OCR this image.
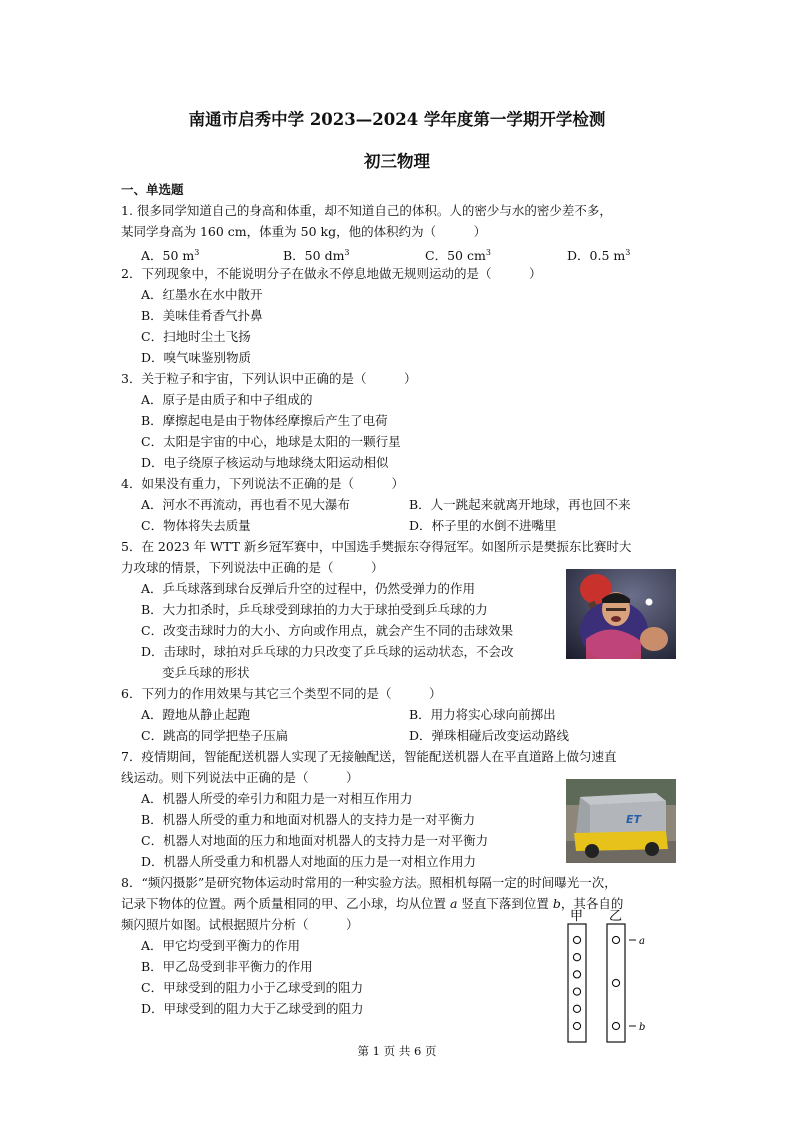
南通市启秀中学 2023—2024 学年度第一学期开学检测
初三物理
一、单选题
1. 很多同学知道自己的身高和体重，却不知道自己的体积。人的密少与水的密少差不多，
某同学身高为 160 cm，体重为 50 kg，他的体积约为（　　　）
A．50 $m^3$	B．50 $dm^3$	C．50 $cm^3$	D．0.5 $m^3$
2．下列现象中，不能说明分子在做永不停息地做无规则运动的是（　　　）
A．红墨水在水中散开
B．美味佳肴香气扑鼻
C．扫地时尘土飞扬
D．嗅气味鉴别物质
3．关于粒子和宇宙，下列认识中正确的是（　　　）
A．原子是由质子和中子组成的
B．摩擦起电是由于物体经摩擦后产生了电荷
C．太阳是宇宙的中心，地球是太阳的一颗行星
D．电子绕原子核运动与地球绕太阳运动相似
4．如果没有重力，下列说法不正确的是（　　　）
A．河水不再流动，再也看不见大瀑布	B．人一跳起来就离开地球，再也回不来
C．物体将失去质量	D．杯子里的水倒不进嘴里
5．在 2023 年 WTT 新乡冠军赛中，中国选手樊振东夺得冠军。如图所示是樊振东比赛时大
力攻球的情景，下列说法中正确的是（　　　）
A．乒乓球落到球台反弹后升空的过程中，仍然受弹力的作用
B．大力扣杀时，乒乓球受到球拍的力大于球拍受到乒乓球的力
C．改变击球时力的大小、方向或作用点，就会产生不同的击球效果
D．击球时，球拍对乒乓球的力只改变了乒乓球的运动状态，不会改
变乒乓球的形状
6．下列力的作用效果与其它三个类型不同的是（　　　）
A．蹬地从静止起跑	B．用力将实心球向前掷出
C．跳高的同学把垫子压扁	D．弹珠相碰后改变运动路线
7．疫情期间，智能配送机器人实现了无接触配送，智能配送机器人在平直道路上做匀速直
线运动。则下列说法中正确的是（　　　）
A．机器人所受的牵引力和阻力是一对相互作用力
B．机器人所受的重力和地面对机器人的支持力是一对平衡力
C．机器人对地面的压力和地面对机器人的支持力是一对平衡力
D．机器人所受重力和机器人对地面的压力是一对相立作用力
ET
8．“频闪摄影”是研究物体运动时常用的一种实验方法。照相机每隔一定的时间曝光一次，
记录下物体的位置。两个质量相同的甲、乙小球，均从位置 a 竖直下落到位置 b，其各自的
频闪照片如图。试根据照片分析（　　　）
A．甲它均受到平衡力的作用
B．甲乙岛受到非平衡力的作用
C．甲球受到的阻力小于乙球受到的阻力
D．甲球受到的阻力大于乙球受到的阻力
甲 乙
a
b
第 1 页 共 6 页
